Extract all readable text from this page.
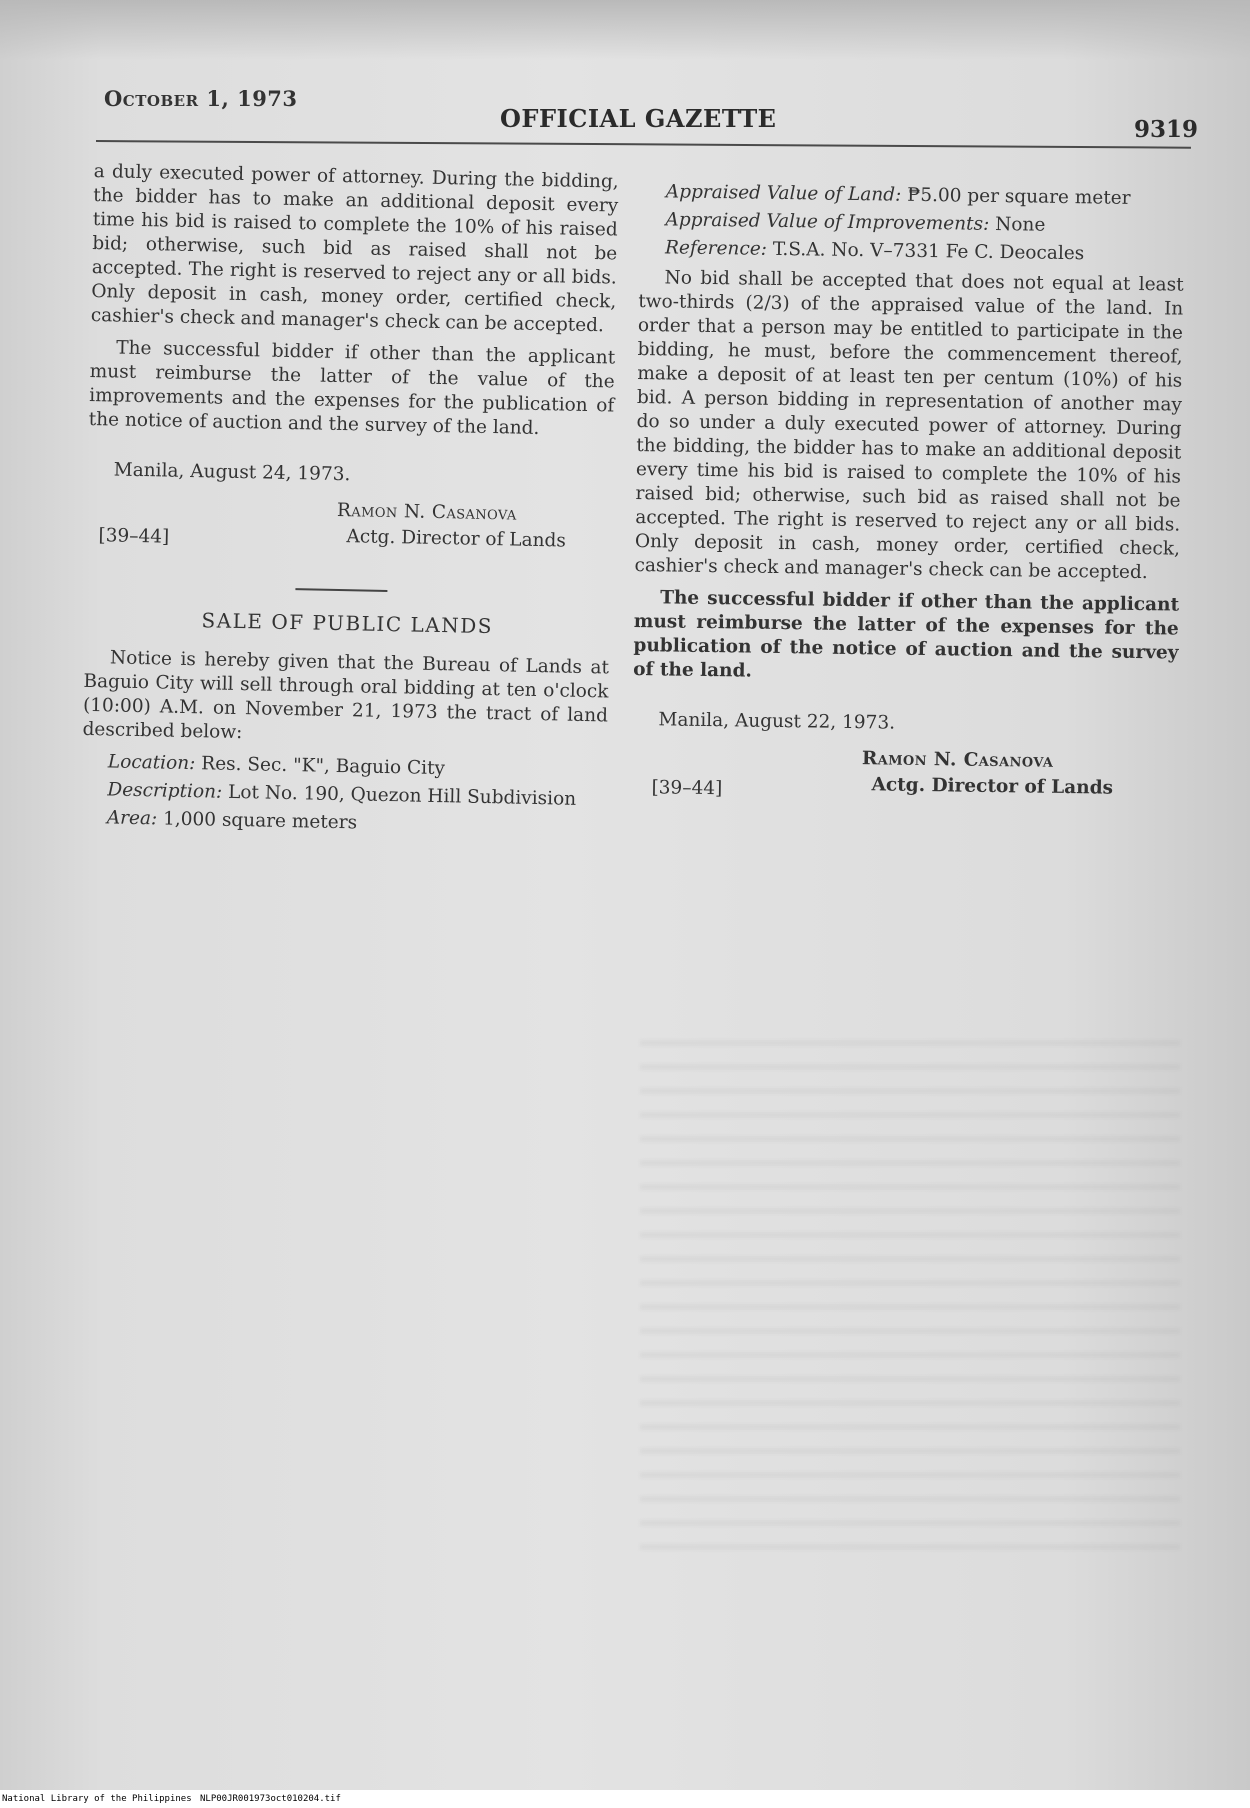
October 1, 1973
OFFICIAL GAZETTE	9319

a duly executed power of attorney. During the bidding, the bidder has to make an additional deposit every time his bid is raised to complete the 10% of his raised bid; otherwise, such bid as raised shall not be accepted. The right is reserved to reject any or all bids. Only deposit in cash, money order, certified check, cashier's check and manager's check can be accepted.

The successful bidder if other than the applicant must reimburse the latter of the value of the improvements and the expenses for the publication of the notice of auction and the survey of the land.

Manila, August 24, 1973.

[39–44]
Ramon N. Casanova
Actg. Director of Lands

SALE OF PUBLIC LANDS

Notice is hereby given that the Bureau of Lands at Baguio City will sell through oral bidding at ten o'clock (10:00) A.M. on November 21, 1973 the tract of land described below:

Location: Res. Sec. "K", Baguio City

Description: Lot No. 190, Quezon Hill Subdivision

Area: 1,000 square meters

Appraised Value of Land: ₱5.00 per square meter

Appraised Value of Improvements: None

Reference: T.S.A. No. V–7331 Fe C. Deocales

No bid shall be accepted that does not equal at least two-thirds (2/3) of the appraised value of the land. In order that a person may be entitled to participate in the bidding, he must, before the commencement thereof, make a deposit of at least ten per centum (10%) of his bid. A person bidding in representation of another may do so under a duly executed power of attorney. During the bidding, the bidder has to make an additional deposit every time his bid is raised to complete the 10% of his raised bid; otherwise, such bid as raised shall not be accepted. The right is reserved to reject any or all bids. Only deposit in cash, money order, certified check, cashier's check and manager's check can be accepted.

The successful bidder if other than the applicant must reimburse the latter of the expenses for the publication of the notice of auction and the survey of the land.

Manila, August 22, 1973.

[39–44]
Ramon N. Casanova
Actg. Director of Lands
National Library of the Philippines NLP00JR001973oct010204.tif
